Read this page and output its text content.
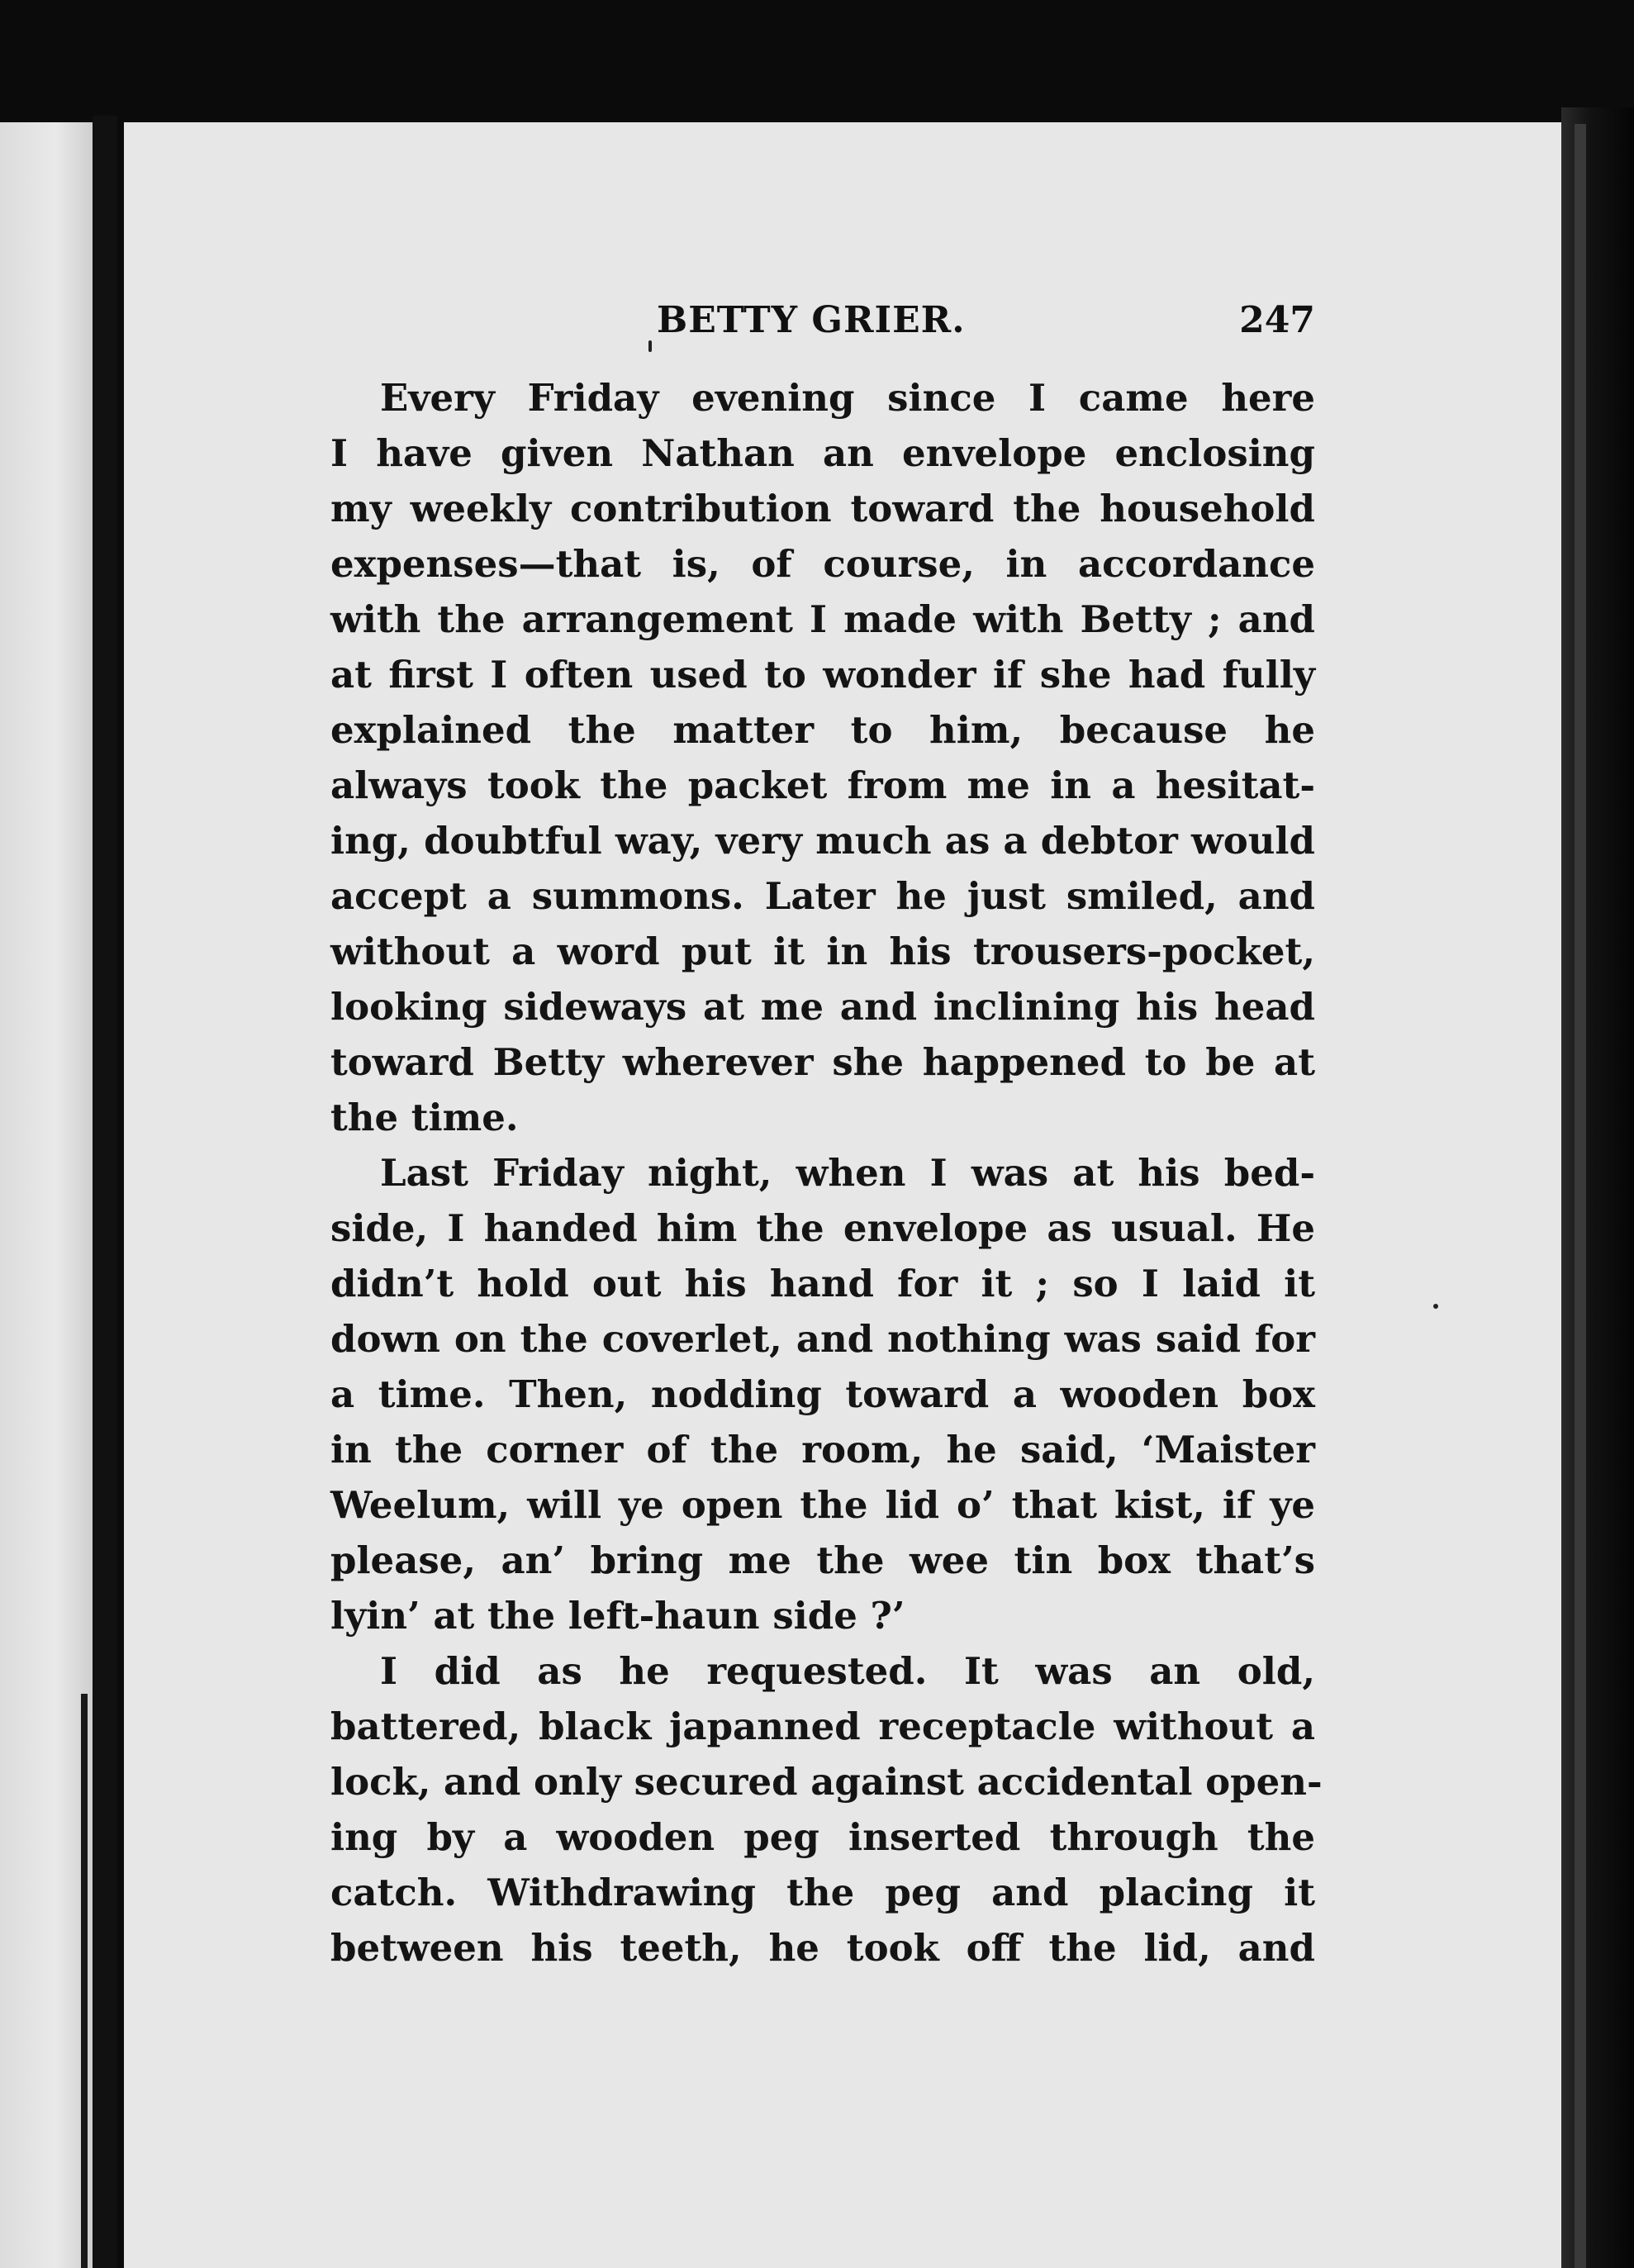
BETTY GRIER.	247
Every Friday evening since I came here
I have given Nathan an envelope enclosing
my weekly contribution toward the household
expenses—that is, of course, in accordance
with the arrangement I made with Betty ; and
at first I often used to wonder if she had fully
explained the matter to him, because he
always took the packet from me in a hesitat-
ing, doubtful way, very much as a debtor would
accept a summons. Later he just smiled, and
without a word put it in his trousers-pocket,
looking sideways at me and inclining his head
toward Betty wherever she happened to be at
the time.
Last Friday night, when I was at his bed-
side, I handed him the envelope as usual. He
didn’t hold out his hand for it ; so I laid it
down on the coverlet, and nothing was said for
a time. Then, nodding toward a wooden box
in the corner of the room, he said, ‘Maister
Weelum, will ye open the lid o’ that kist, if ye
please, an’ bring me the wee tin box that’s
lyin’ at the left-haun side ?’
I did as he requested. It was an old,
battered, black japanned receptacle without a
lock, and only secured against accidental open-
ing by a wooden peg inserted through the
catch. Withdrawing the peg and placing it
between his teeth, he took off the lid, and
